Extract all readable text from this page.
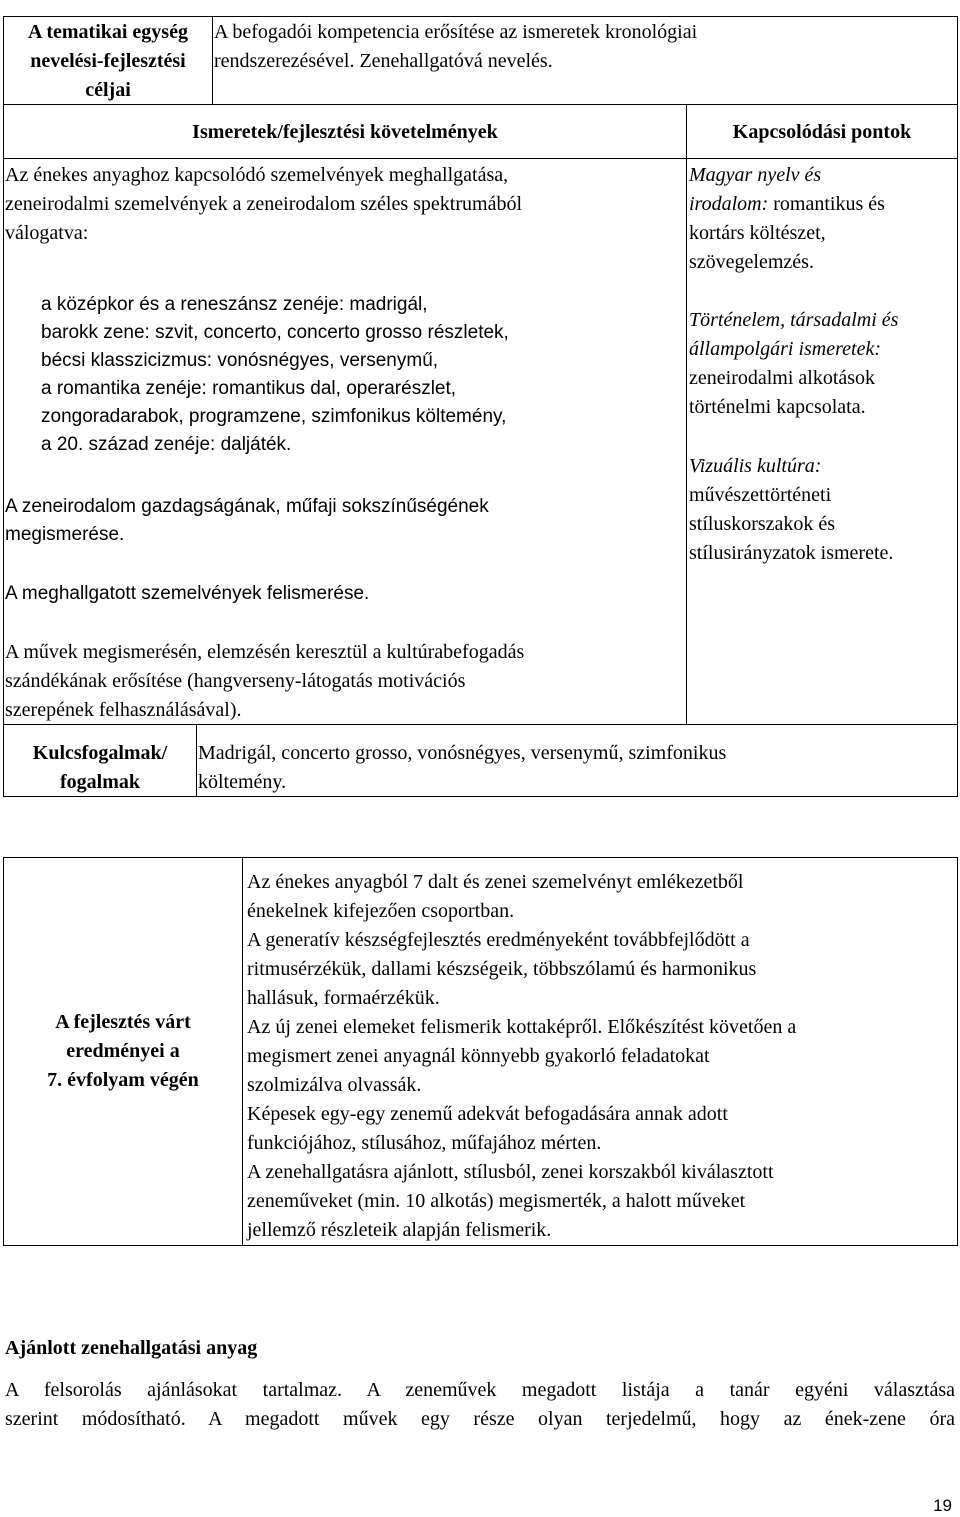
A tematikai egység
nevelési-fejlesztési
céljai
A befogadói kompetencia erősítése az ismeretek kronológiai
rendszerezésével. Zenehallgatóvá nevelés.
Ismeretek/fejlesztési követelmények	Kapcsolódási pontok
Az énekes anyaghoz kapcsolódó szemelvények meghallgatása,
zeneirodalmi szemelvények a zeneirodalom széles spektrumából
válogatva:
a középkor és a reneszánsz zenéje: madrigál,
barokk zene: szvit, concerto, concerto grosso részletek,
bécsi klasszicizmus: vonósnégyes, versenymű,
a romantika zenéje: romantikus dal, operarészlet,
zongoradarabok, programzene, szimfonikus költemény,
a 20. század zenéje: daljáték.
A zeneirodalom gazdagságának, műfaji sokszínűségének
megismerése.
A meghallgatott szemelvények felismerése.
A művek megismerésén, elemzésén keresztül a kultúrabefogadás
szándékának erősítése (hangverseny-látogatás motivációs
szerepének felhasználásával).
Magyar nyelv és
irodalom: romantikus és
kortárs költészet,
szövegelemzés.
Történelem, társadalmi és
állampolgári ismeretek:
zeneirodalmi alkotások
történelmi kapcsolata.
Vizuális kultúra:
művészettörténeti
stíluskorszakok és
stílusirányzatok ismerete.
Kulcsfogalmak/
fogalmak
Madrigál, concerto grosso, vonósnégyes, versenymű, szimfonikus
költemény.
A fejlesztés várt
eredményei a
7. évfolyam végén
Az énekes anyagból 7 dalt és zenei szemelvényt emlékezetből
énekelnek kifejezően csoportban.
A generatív készségfejlesztés eredményeként továbbfejlődött a
ritmusérzékük, dallami készségeik, többszólamú és harmonikus
hallásuk, formaérzékük.
Az új zenei elemeket felismerik kottaképről. Előkészítést követően a
megismert zenei anyagnál könnyebb gyakorló feladatokat
szolmizálva olvassák.
Képesek egy-egy zenemű adekvát befogadására annak adott
funkciójához, stílusához, műfajához mérten.
A zenehallgatásra ajánlott, stílusból, zenei korszakból kiválasztott
zeneműveket (min. 10 alkotás) megismerték, a halott műveket
jellemző részleteik alapján felismerik.
Ajánlott zenehallgatási anyag
A felsorolás ajánlásokat tartalmaz. A zeneművek megadott listája a tanár egyéni választása
szerint módosítható. A megadott művek egy része olyan terjedelmű, hogy az ének-zene óra
19
